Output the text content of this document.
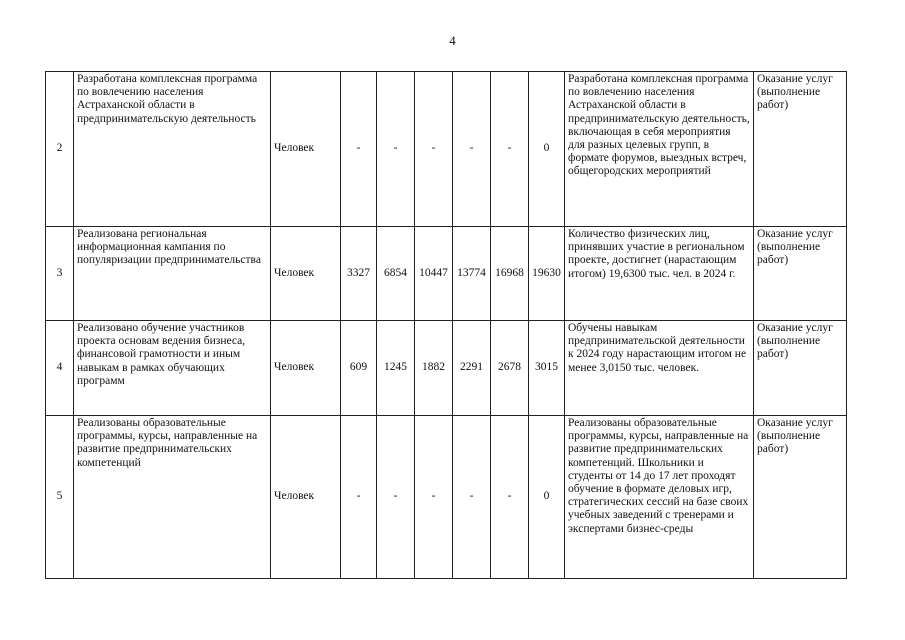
4
2	Разработана комплексная программа по вовлечению населения Астраханской области в предпринимательскую деятельность	Человек	-	-	-	-	-	0	Разработана комплексная программа по вовлечению населения Астраханской области в предпринимательскую деятельность, включающая в себя мероприятия для разных целевых групп, в формате форумов, выездных встреч, общегородских мероприятий	Оказание услуг (выполнение работ)
3	Реализована региональная информационная кампания по популяризации предпринимательства	Человек	3327	6854	10447	13774	16968	19630	Количество физических лиц, принявших участие в региональном проекте, достигнет (нарастающим итогом) 19,6300 тыс. чел. в 2024 г.	Оказание услуг (выполнение работ)
4	Реализовано обучение участников проекта основам ведения бизнеса, финансовой грамотности и иным навыкам в рамках обучающих программ	Человек	609	1245	1882	2291	2678	3015	Обучены навыкам предпринимательской деятельности к 2024 году нарастающим итогом не менее 3,0150 тыс. человек.	Оказание услуг (выполнение работ)
5	Реализованы образовательные программы, курсы, направленные на развитие предпринимательских компетенций	Человек	-	-	-	-	-	0	Реализованы образовательные программы, курсы, направленные на развитие предпринимательских компетенций. Школьники и студенты от 14 до 17 лет проходят обучение в формате деловых игр, стратегических сессий на базе своих учебных заведений с тренерами и экспертами бизнес-среды	Оказание услуг (выполнение работ)
